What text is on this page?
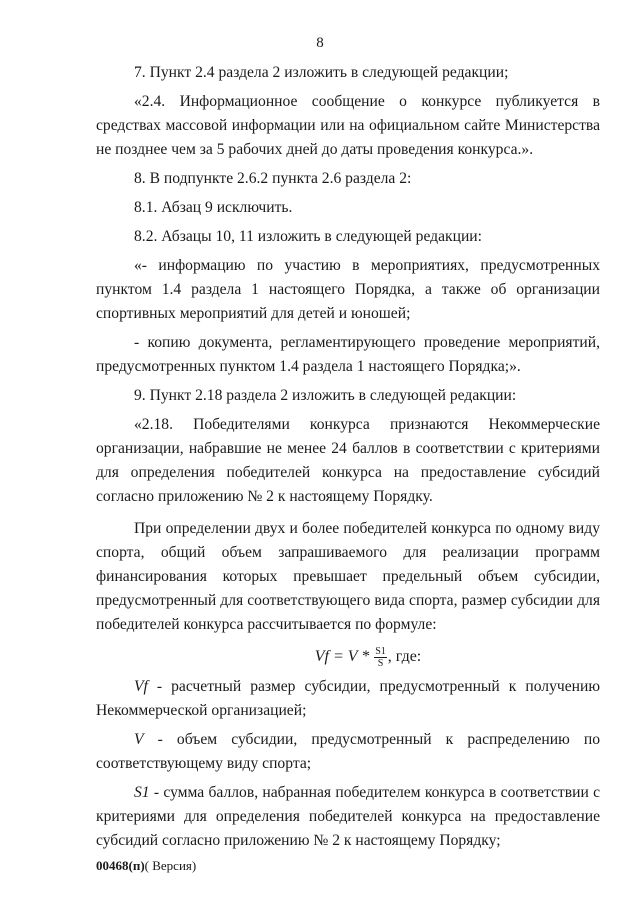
8

7. Пункт 2.4 раздела 2 изложить в следующей редакции;

«2.4. Информационное сообщение о конкурсе публикуется в средствах массовой информации или на официальном сайте Министерства не позднее чем за 5 рабочих дней до даты проведения конкурса.».

8. В подпункте 2.6.2 пункта 2.6 раздела 2:

8.1. Абзац 9 исключить.

8.2. Абзацы 10, 11 изложить в следующей редакции:

«- информацию по участию в мероприятиях, предусмотренных пунктом 1.4 раздела 1 настоящего Порядка, а также об организации спортивных мероприятий для детей и юношей;

- копию документа, регламентирующего проведение мероприятий, предусмотренных пунктом 1.4 раздела 1 настоящего Порядка;».

9. Пункт 2.18 раздела 2 изложить в следующей редакции:

«2.18. Победителями конкурса признаются Некоммерческие организации, набравшие не менее 24 баллов в соответствии с критериями для определения победителей конкурса на предоставление субсидий согласно приложению № 2 к настоящему Порядку.

При определении двух и более победителей конкурса по одному виду спорта, общий объем запрашиваемого для реализации программ финансирования которых превышает предельный объем субсидии, предусмотренный для соответствующего вида спорта, размер субсидии для победителей конкурса рассчитывается по формуле:

$Vf = V * \frac{S1}{S}$ , где:

Vf - расчетный размер субсидии, предусмотренный к получению Некоммерческой организацией;

V - объем субсидии, предусмотренный к распределению по соответствующему виду спорта;

S1 - сумма баллов, набранная победителем конкурса в соответствии с критериями для определения победителей конкурса на предоставление субсидий согласно приложению № 2 к настоящему Порядку;

00468(п)( Версия)
